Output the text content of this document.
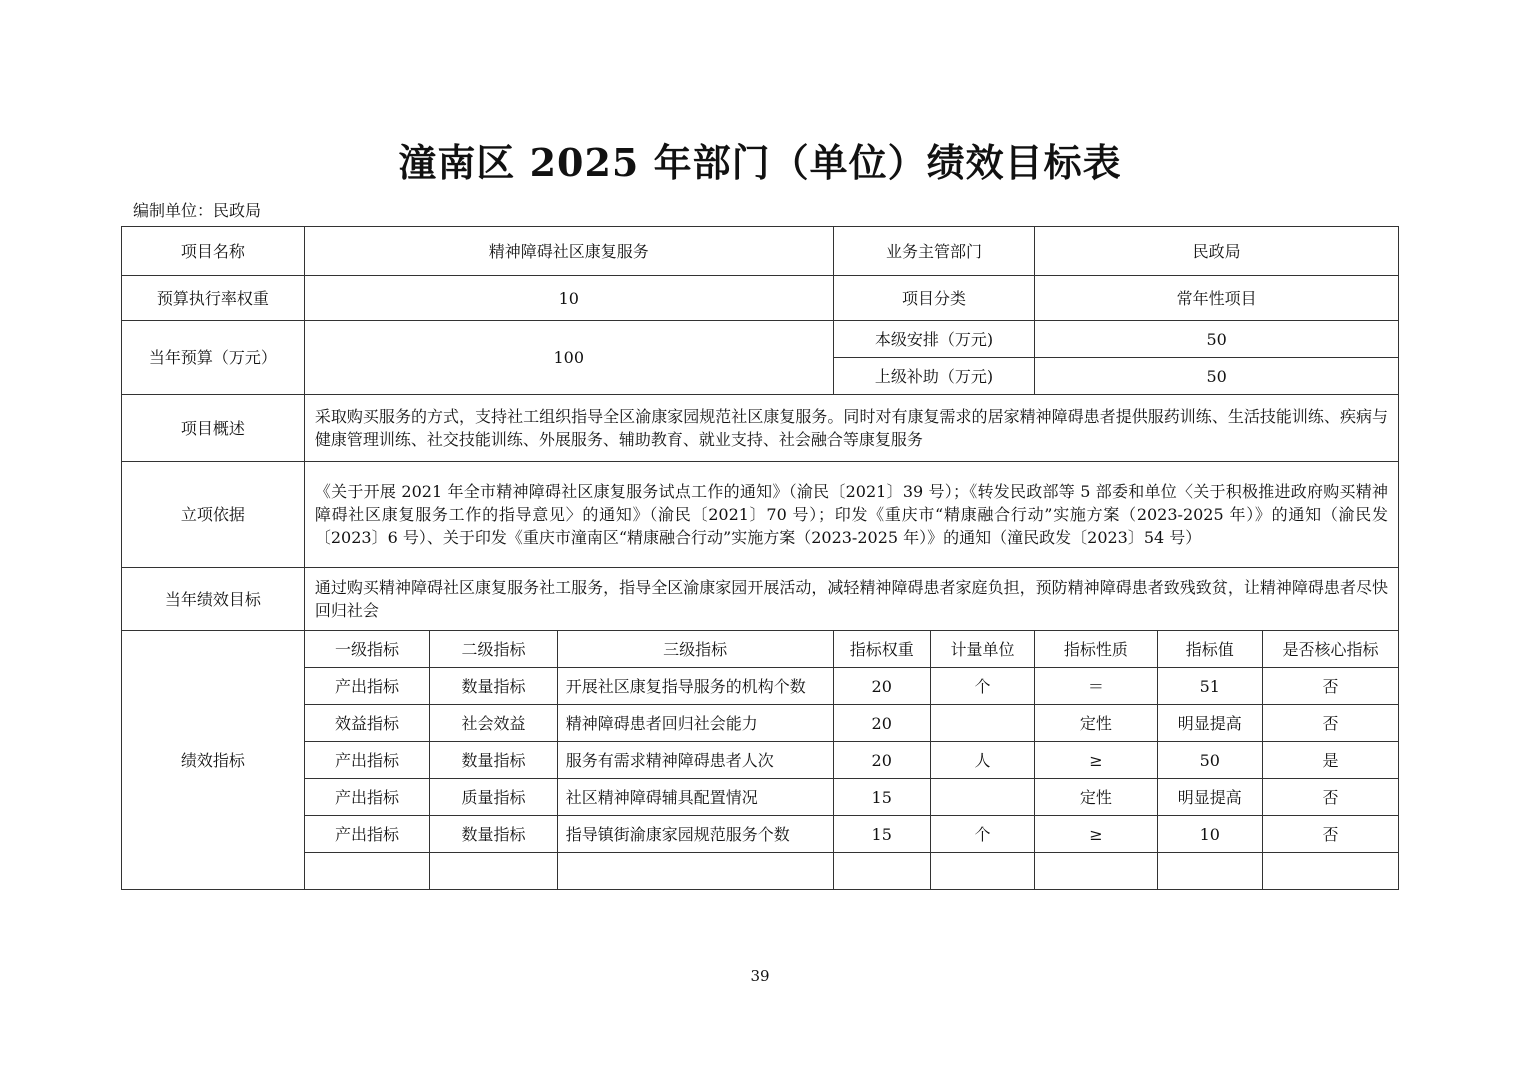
潼南区 2025 年部门（单位）绩效目标表
编制单位：民政局
项目名称	精神障碍社区康复服务			业务主管部门		民政局		
预算执行率权重	10			项目分类		常年性项目		
当年预算（万元）	100			本级安排（万元)		50		
				上级补助（万元)		50		
项目概述	采取购买服务的方式，支持社工组织指导全区渝康家园规范社区康复服务。同时对有康复需求的居家精神障碍患者提供服药训练、生活技能训练、疾病与健康管理训练、社交技能训练、外展服务、辅助教育、就业支持、社会融合等康复服务							
立项依据	《关于开展 2021 年全市精神障碍社区康复服务试点工作的通知》（渝民〔2021〕39 号）；《转发民政部等 5 部委和单位〈关于积极推进政府购买精神障碍社区康复服务工作的指导意见〉的通知》（渝民〔2021〕70 号）；印发《重庆市“精康融合行动”实施方案（2023-2025 年）》的通知（渝民发〔2023〕6 号）、关于印发《重庆市潼南区“精康融合行动”实施方案（2023-2025 年）》的通知（潼民政发〔2023〕54 号）							
当年绩效目标	通过购买精神障碍社区康复服务社工服务，指导全区渝康家园开展活动，减轻精神障碍患者家庭负担，预防精神障碍患者致残致贫，让精神障碍患者尽快回归社会							
绩效指标	一级指标	二级指标	三级指标	指标权重	计量单位	指标性质	指标值	是否核心指标
	产出指标	数量指标	开展社区康复指导服务的机构个数	20	个	＝	51	否
	效益指标	社会效益	精神障碍患者回归社会能力	20		定性	明显提高	否
	产出指标	数量指标	服务有需求精神障碍患者人次	20	人	≥	50	是
	产出指标	质量指标	社区精神障碍辅具配置情况	15		定性	明显提高	否
	产出指标	数量指标	指导镇街渝康家园规范服务个数	15	个	≥	10	否

39
